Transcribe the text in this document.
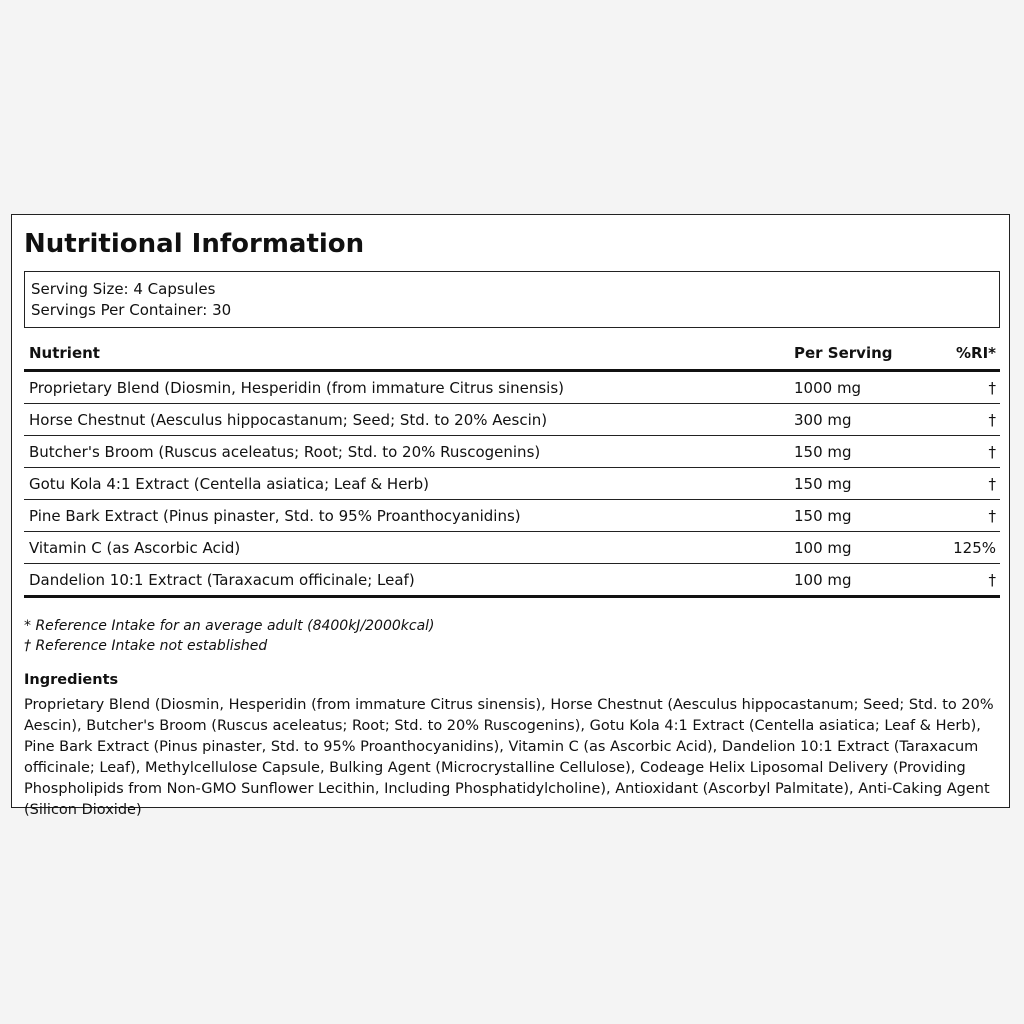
Nutritional Information
Serving Size: 4 Capsules
Servings Per Container: 30
Nutrient	Per Serving	%RI*
Proprietary Blend (Diosmin, Hesperidin (from immature Citrus sinensis)	1000 mg	†
Horse Chestnut (Aesculus hippocastanum; Seed; Std. to 20% Aescin)	300 mg	†
Butcher's Broom (Ruscus aceleatus; Root; Std. to 20% Ruscogenins)	150 mg	†
Gotu Kola 4:1 Extract (Centella asiatica; Leaf & Herb)	150 mg	†
Pine Bark Extract (Pinus pinaster, Std. to 95% Proanthocyanidins)	150 mg	†
Vitamin C (as Ascorbic Acid)	100 mg	125%
Dandelion 10:1 Extract (Taraxacum officinale; Leaf)	100 mg	†
* Reference Intake for an average adult (8400kJ/2000kcal)
† Reference Intake not established
Ingredients
Proprietary Blend (Diosmin, Hesperidin (from immature Citrus sinensis), Horse Chestnut (Aesculus hippocastanum; Seed; Std. to 20% Aescin), Butcher's Broom (Ruscus aceleatus; Root; Std. to 20% Ruscogenins), Gotu Kola 4:1 Extract (Centella asiatica; Leaf & Herb), Pine Bark Extract (Pinus pinaster, Std. to 95% Proanthocyanidins), Vitamin C (as Ascorbic Acid), Dandelion 10:1 Extract (Taraxacum officinale; Leaf), Methylcellulose Capsule, Bulking Agent (Microcrystalline Cellulose), Codeage Helix Liposomal Delivery (Providing Phospholipids from Non-GMO Sunflower Lecithin, Including Phosphatidylcholine), Antioxidant (Ascorbyl Palmitate), Anti-Caking Agent (Silicon Dioxide)
